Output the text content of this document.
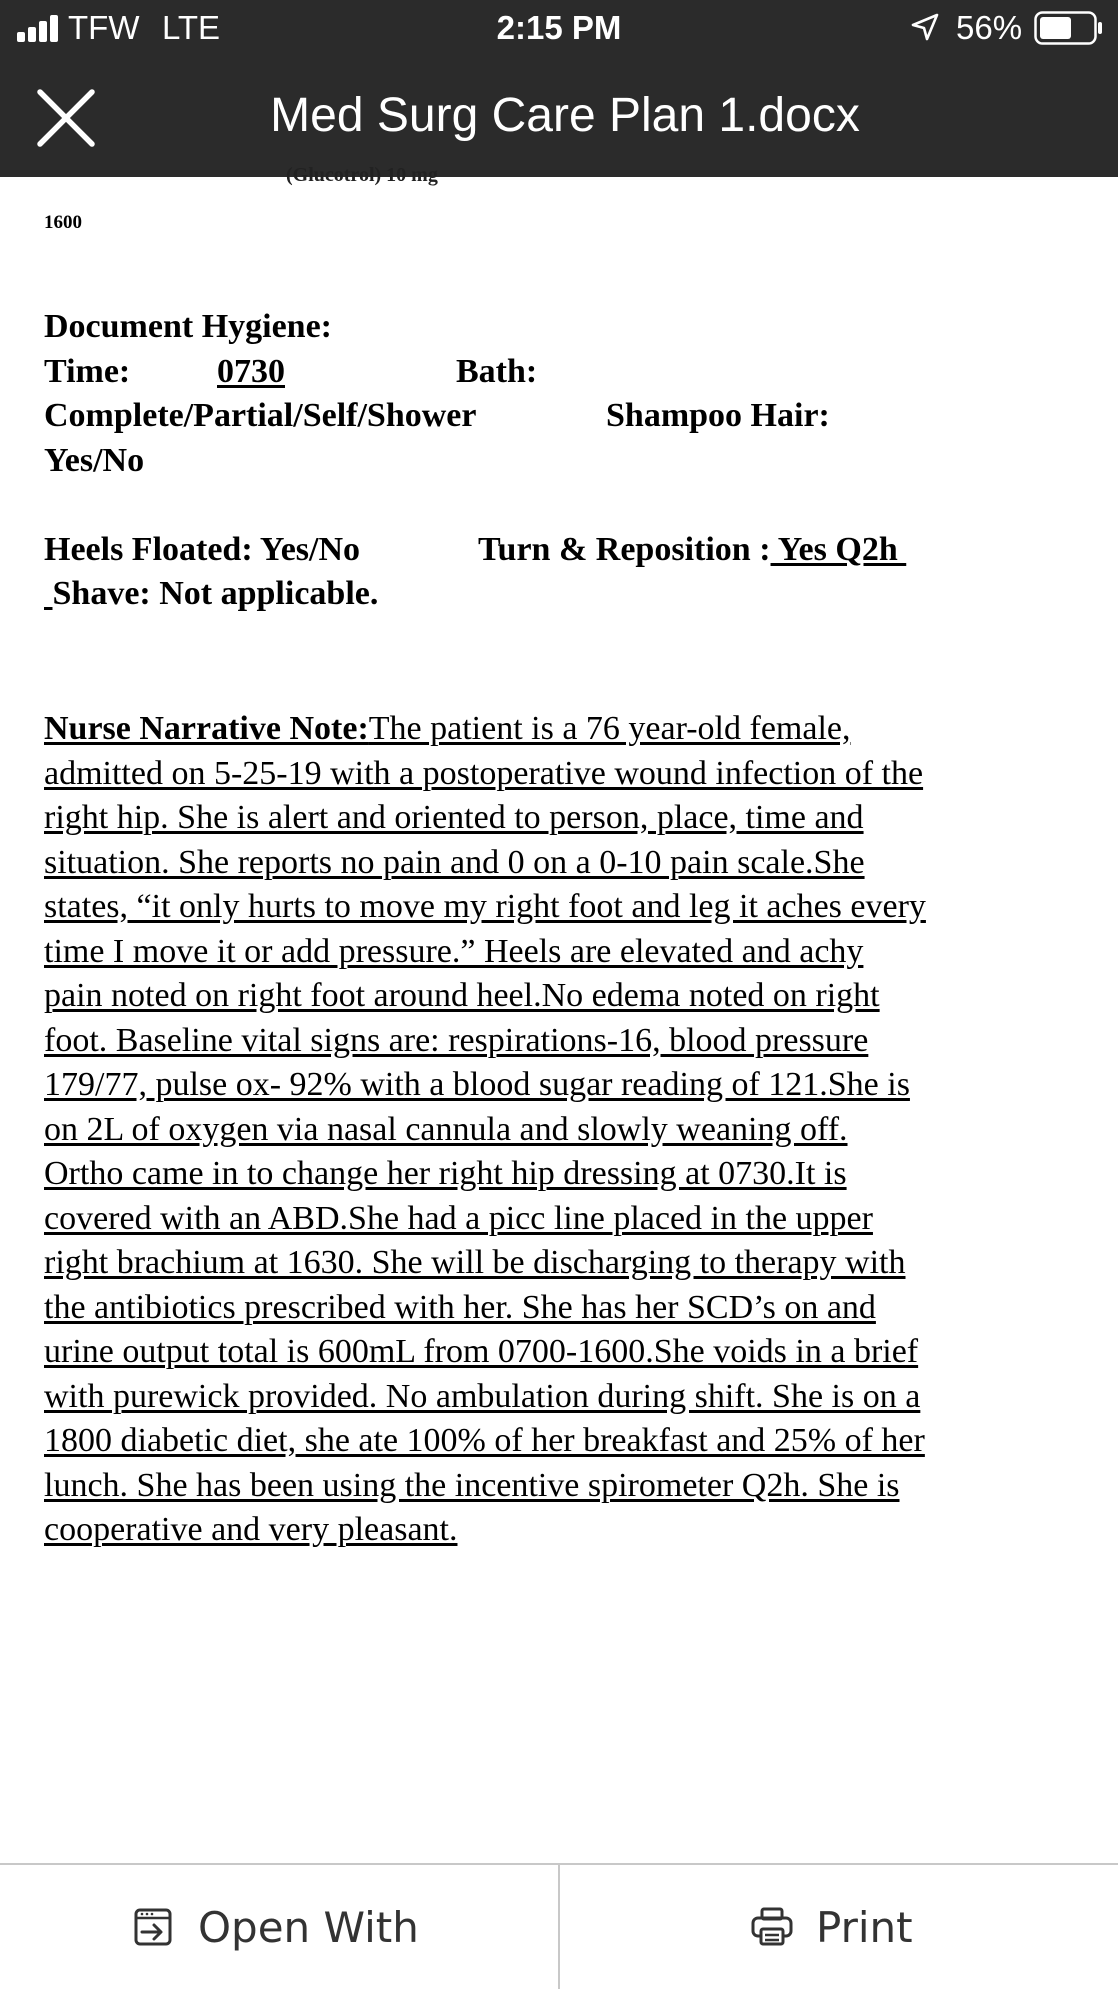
TFW LTE	2:15 PM	56%
Med Surg Care Plan 1.docx
(Glucotrol) 10 mg
1600
Document Hygiene:
Time:	0730	Bath:
Complete/Partial/Self/Shower	Shampoo Hair:
Yes/No
Heels Floated: Yes/No	Turn & Reposition : Yes Q2h
Shave: Not applicable.
Nurse Narrative Note:The patient is a 76 year-old female,
admitted on 5-25-19 with a postoperative wound infection of the
right hip. She is alert and oriented to person, place, time and
situation. She reports no pain and 0 on a 0-10 pain scale.She
states, “it only hurts to move my right foot and leg it aches every
time I move it or add pressure.” Heels are elevated and achy
pain noted on right foot around heel.No edema noted on right
foot. Baseline vital signs are: respirations-16, blood pressure
179/77, pulse ox- 92% with a blood sugar reading of 121.She is
on 2L of oxygen via nasal cannula and slowly weaning off.
Ortho came in to change her right hip dressing at 0730.It is
covered with an ABD.She had a picc line placed in the upper
right brachium at 1630. She will be discharging to therapy with
the antibiotics prescribed with her. She has her SCD’s on and
urine output total is 600mL from 0700-1600.She voids in a brief
with purewick provided. No ambulation during shift. She is on a
1800 diabetic diet, she ate 100% of her breakfast and 25% of her
lunch. She has been using the incentive spirometer Q2h. She is
cooperative and very pleasant.
Open With	Print
